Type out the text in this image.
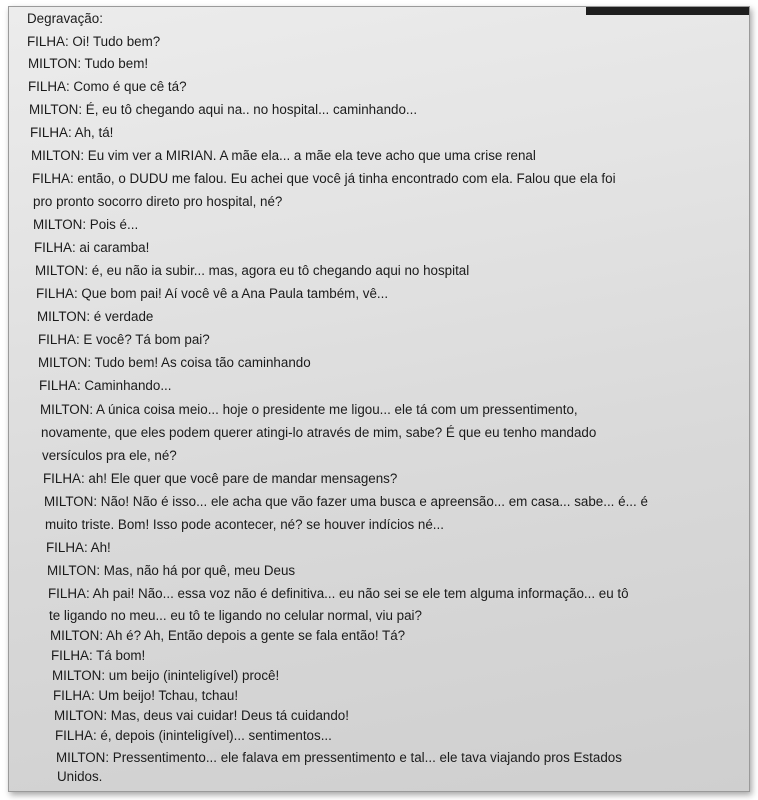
Degravação:
FILHA: Oi! Tudo bem?
MILTON: Tudo bem!
FILHA: Como é que cê tá?
MILTON: É, eu tô chegando aqui na.. no hospital... caminhando...
FILHA: Ah, tá!
MILTON: Eu vim ver a MIRIAN. A mãe ela... a mãe ela teve acho que uma crise renal
FILHA: então, o DUDU me falou. Eu achei que você já tinha encontrado com ela. Falou que ela foi
pro pronto socorro direto pro hospital, né?
MILTON: Pois é...
FILHA: ai caramba!
MILTON: é, eu não ia subir... mas, agora eu tô chegando aqui no hospital
FILHA: Que bom pai! Aí você vê a Ana Paula também, vê...
MILTON: é verdade
FILHA: E você? Tá bom pai?
MILTON: Tudo bem! As coisa tão caminhando
FILHA: Caminhando...
MILTON: A única coisa meio... hoje o presidente me ligou... ele tá com um pressentimento,
novamente, que eles podem querer atingi-lo através de mim, sabe? É que eu tenho mandado
versículos pra ele, né?
FILHA: ah! Ele quer que você pare de mandar mensagens?
MILTON: Não! Não é isso... ele acha que vão fazer uma busca e apreensão... em casa... sabe... é... é
muito triste. Bom! Isso pode acontecer, né? se houver indícios né...
FILHA: Ah!
MILTON: Mas, não há por quê, meu Deus
FILHA: Ah pai! Não... essa voz não é definitiva... eu não sei se ele tem alguma informação... eu tô
te ligando no meu... eu tô te ligando no celular normal, viu pai?
MILTON: Ah é? Ah, Então depois a gente se fala então! Tá?
FILHA: Tá bom!
MILTON: um beijo (ininteligível) procê!
FILHA: Um beijo! Tchau, tchau!
MILTON: Mas, deus vai cuidar! Deus tá cuidando!
FILHA: é, depois (ininteligível)... sentimentos...
MILTON: Pressentimento... ele falava em pressentimento e tal... ele tava viajando pros Estados
Unidos.
